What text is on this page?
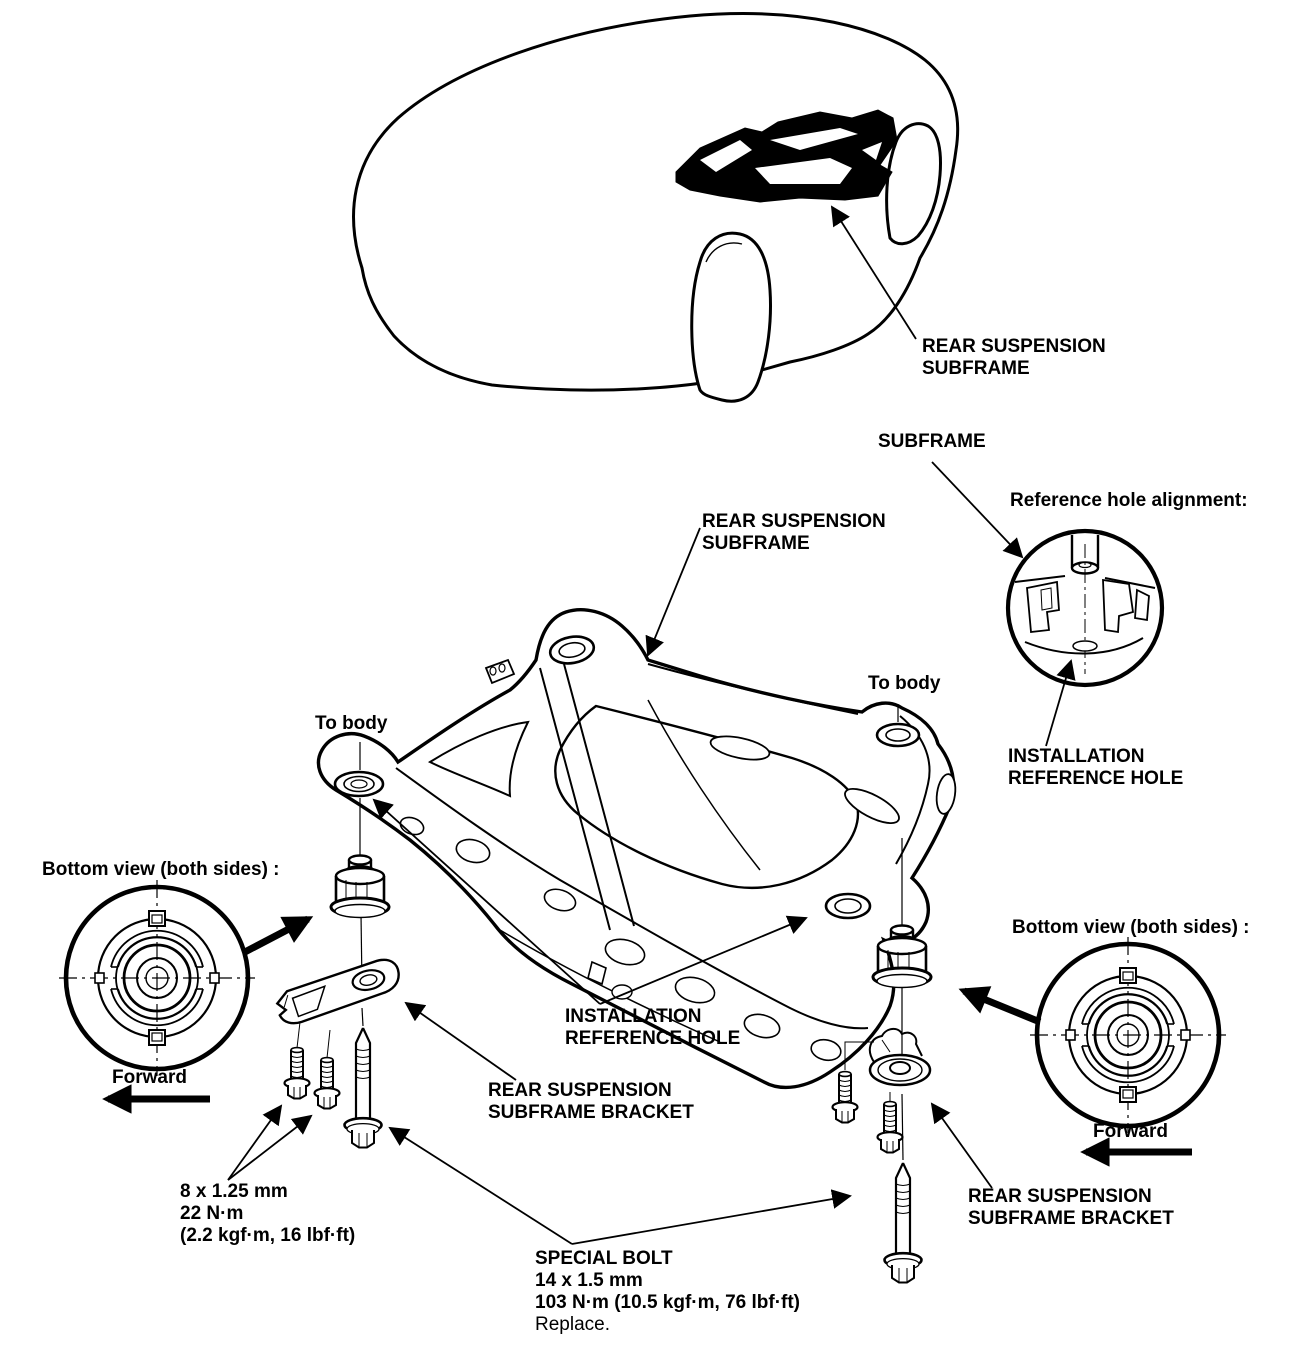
REAR SUSPENSION
SUBFRAME
SUBFRAME
Reference hole alignment:
INSTALLATION
REFERENCE HOLE
REAR SUSPENSION
SUBFRAME
To body
To body
Bottom view (both sides) :
Forward
INSTALLATION
REFERENCE HOLE
REAR SUSPENSION
SUBFRAME BRACKET
8 x 1.25 mm
22 N·m
(2.2 kgf·m, 16 lbf·ft)
SPECIAL BOLT
14 x 1.5 mm
103 N·m (10.5 kgf·m, 76 lbf·ft)
Replace.
Bottom view (both sides) :
Forward
REAR SUSPENSION
SUBFRAME BRACKET
